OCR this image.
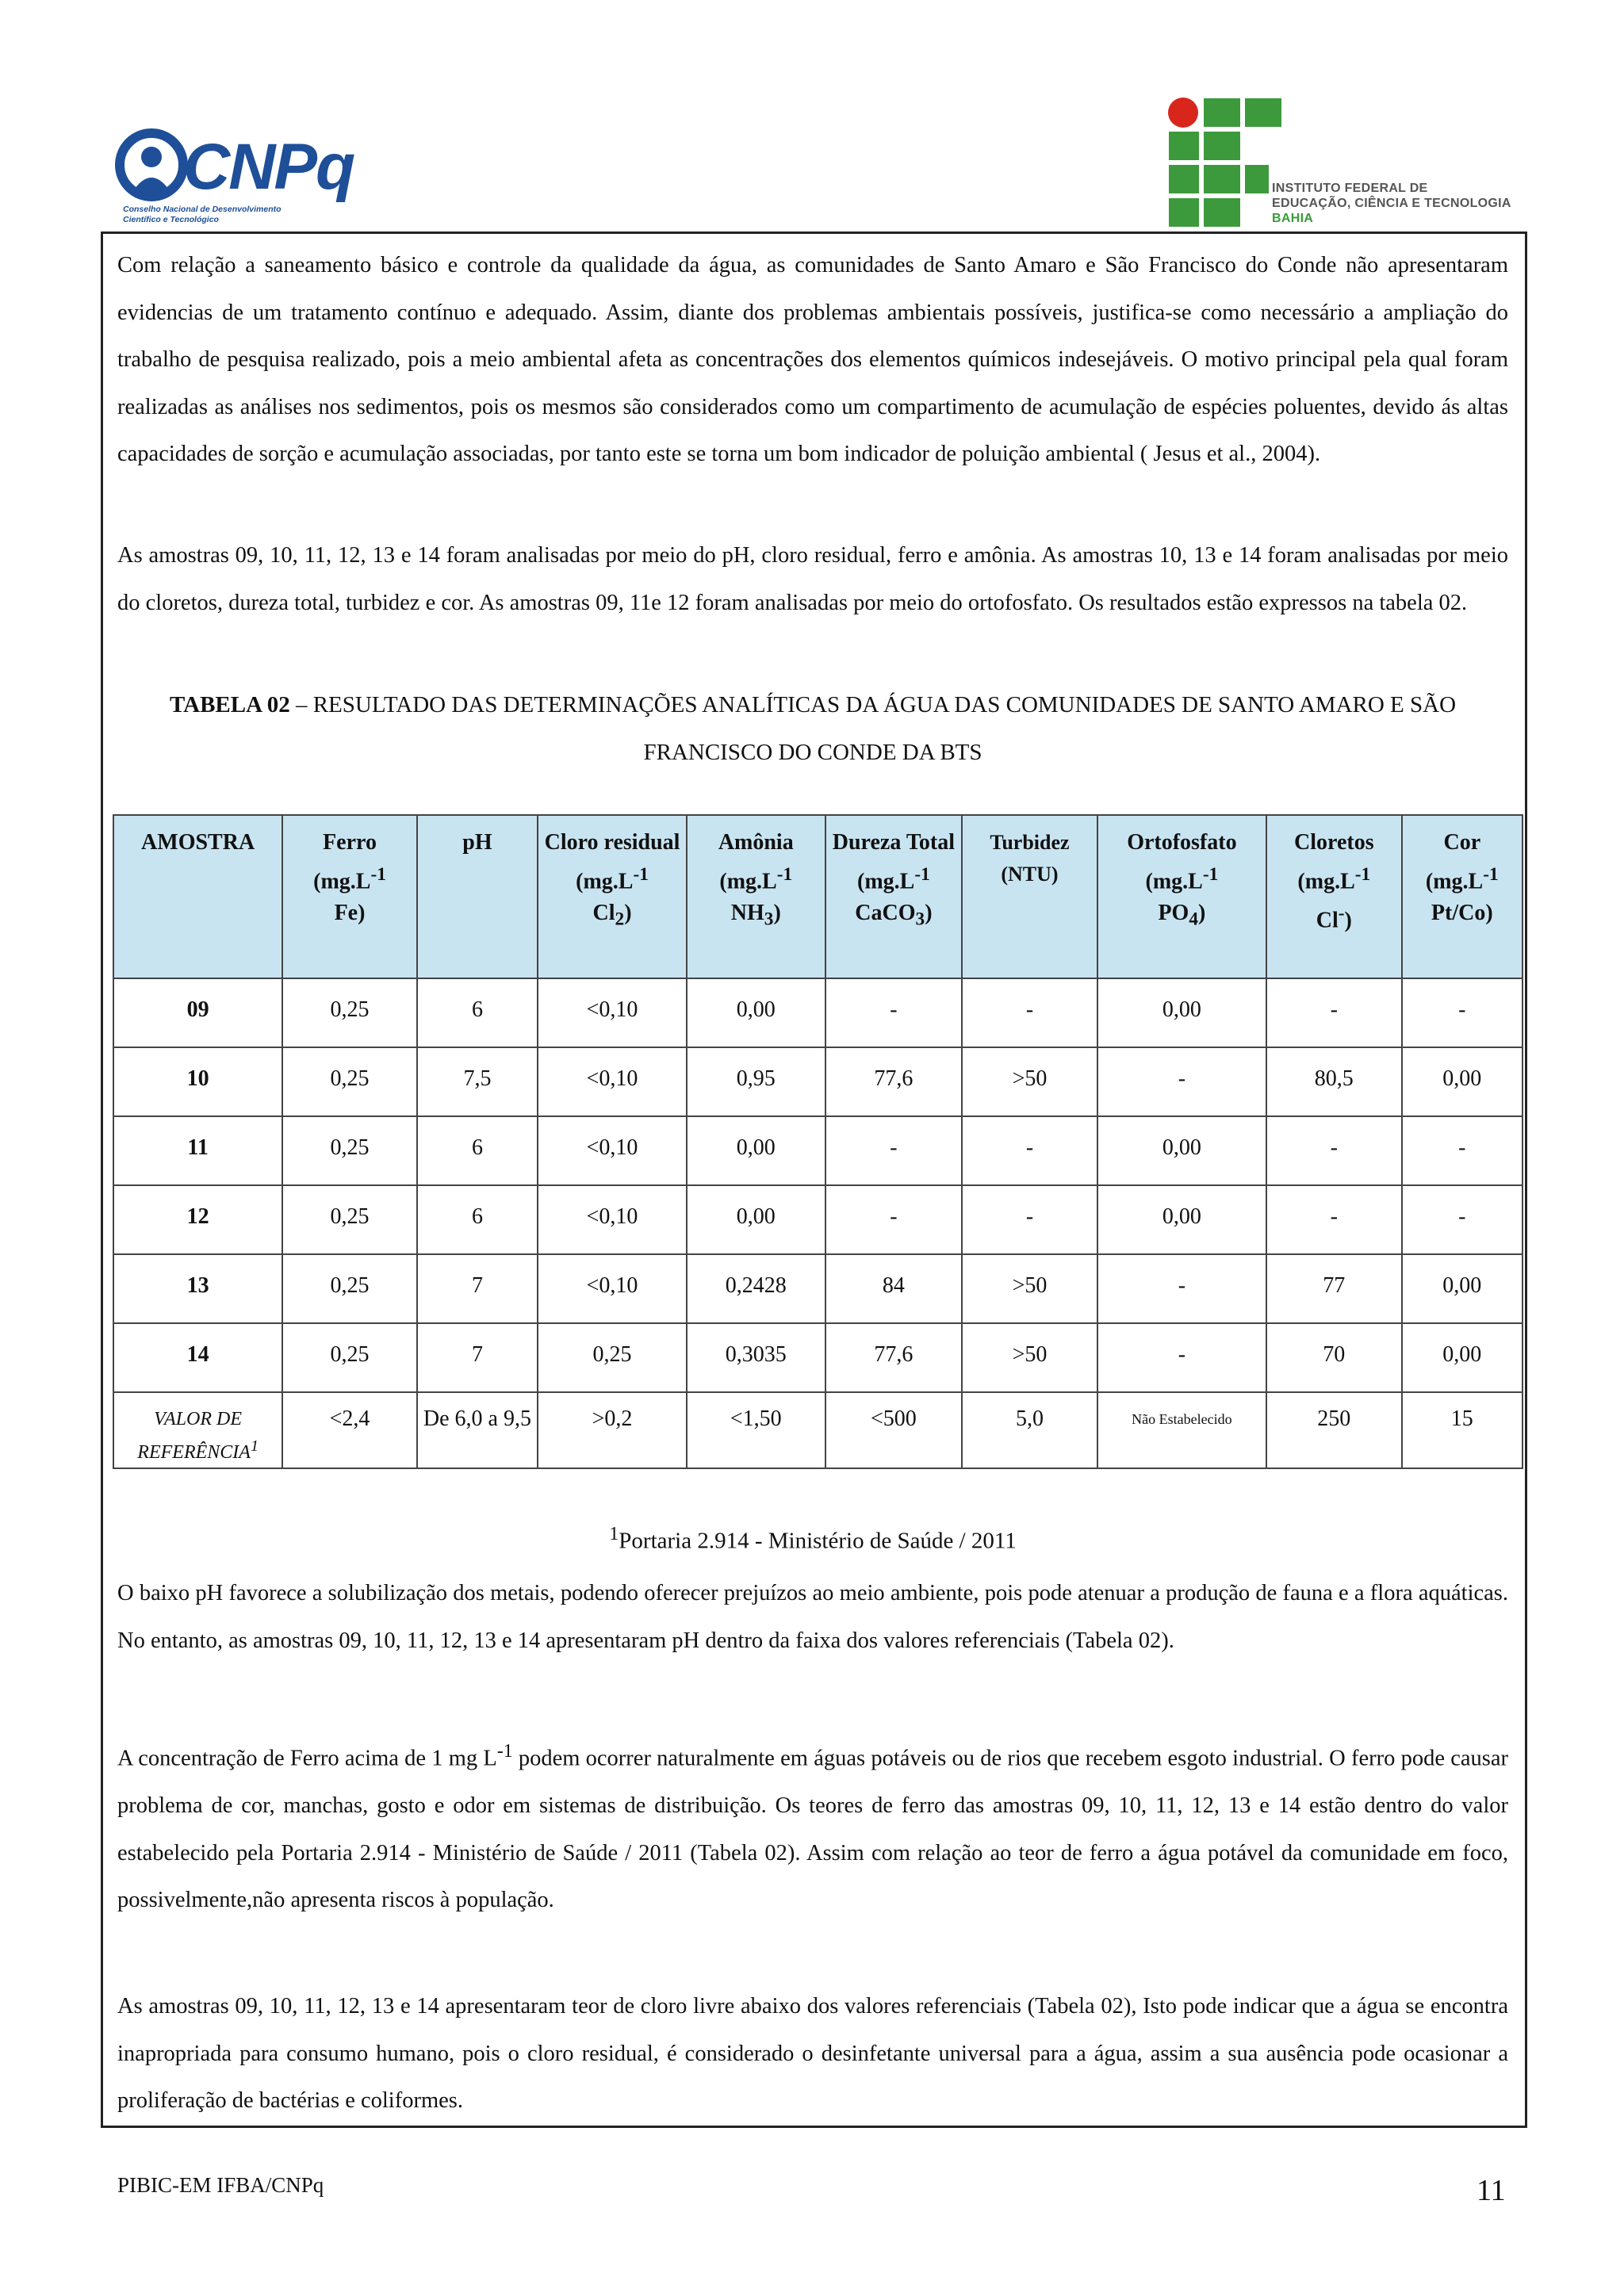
CNPq
Conselho Nacional de Desenvolvimento
Científico e Tecnológico
INSTITUTO FEDERAL DE
EDUCAÇÃO, CIÊNCIA E TECNOLOGIA
BAHIA

Com relação a saneamento básico e controle da qualidade da água, as comunidades de Santo Amaro e São Francisco do Conde não apresentaram evidencias de um tratamento contínuo e adequado. Assim, diante dos problemas ambientais possíveis, justifica-se como necessário a ampliação do trabalho de pesquisa realizado, pois a meio ambiental afeta as concentrações dos elementos químicos indesejáveis. O motivo principal pela qual foram realizadas as análises nos sedimentos, pois os mesmos são considerados como um compartimento de acumulação de espécies poluentes, devido ás altas capacidades de sorção e acumulação associadas, por tanto este se torna um bom indicador de poluição ambiental ( Jesus et al., 2004).

As amostras 09, 10, 11, 12, 13 e 14 foram analisadas por meio do pH, cloro residual, ferro e amônia. As amostras 10, 13 e 14 foram analisadas por meio do cloretos, dureza total, turbidez e cor. As amostras 09, 11e 12 foram analisadas por meio do ortofosfato. Os resultados estão expressos na tabela 02.

TABELA 02 – RESULTADO DAS DETERMINAÇÕES ANALÍTICAS DA ÁGUA DAS COMUNIDADES DE SANTO AMARO E SÃO FRANCISCO DO CONDE DA BTS

AMOSTRA	Ferro
($mg.L^{-1}$
Fe)	pH	Cloro residual
($mg.L^{-1}$
$Cl_2$)	Amônia
($mg.L^{-1}$
$NH_3$)	Dureza Total
($mg.L^{-1}$
CaCO$_3$)	Turbidez
(NTU)	Ortofosfato
($mg.L^{-1}$
$PO_4$)	Cloretos
($mg.L^{-1}$
Cl-)	Cor
($mg.L^{-1}$
Pt/Co)
09	0,25	6	<0,10	0,00	-	-	0,00	-	-
10	0,25	7,5	<0,10	0,95	77,6	>50	-	80,5	0,00
11	0,25	6	<0,10	0,00	-	-	0,00	-	-
12	0,25	6	<0,10	0,00	-	-	0,00	-	-
13	0,25	7	<0,10	0,2428	84	>50	-	77	0,00
14	0,25	7	0,25	0,3035	77,6	>50	-	70	0,00
VALOR DE
$REFERÊNCIA^1$	<2,4	De 6,0 a 9,5	>0,2	<1,50	<500	5,0	Não Estabelecido	250	15
$^1$Portaria 2.914 - Ministério de Saúde / 2011

O baixo pH favorece a solubilização dos metais, podendo oferecer prejuízos ao meio ambiente, pois pode atenuar a produção de fauna e a flora aquáticas. No entanto, as amostras 09, 10, 11, 12, 13 e 14 apresentaram pH dentro da faixa dos valores referenciais (Tabela 02).

A concentração de Ferro acima de 1 mg $L^{-1}$ podem ocorrer naturalmente em águas potáveis ou de rios que recebem esgoto industrial. O ferro pode causar problema de cor, manchas, gosto e odor em sistemas de distribuição. Os teores de ferro das amostras 09, 10, 11, 12, 13 e 14 estão dentro do valor estabelecido pela Portaria 2.914 - Ministério de Saúde / 2011 (Tabela 02). Assim com relação ao teor de ferro a água potável da comunidade em foco, possivelmente,não apresenta riscos à população.

As amostras 09, 10, 11, 12, 13 e 14 apresentaram teor de cloro livre abaixo dos valores referenciais (Tabela 02), Isto pode indicar que a água se encontra inapropriada para consumo humano, pois o cloro residual, é considerado o desinfetante universal para a água, assim a sua ausência pode ocasionar a proliferação de bactérias e coliformes.

PIBIC-EM IFBA/CNPq	11
